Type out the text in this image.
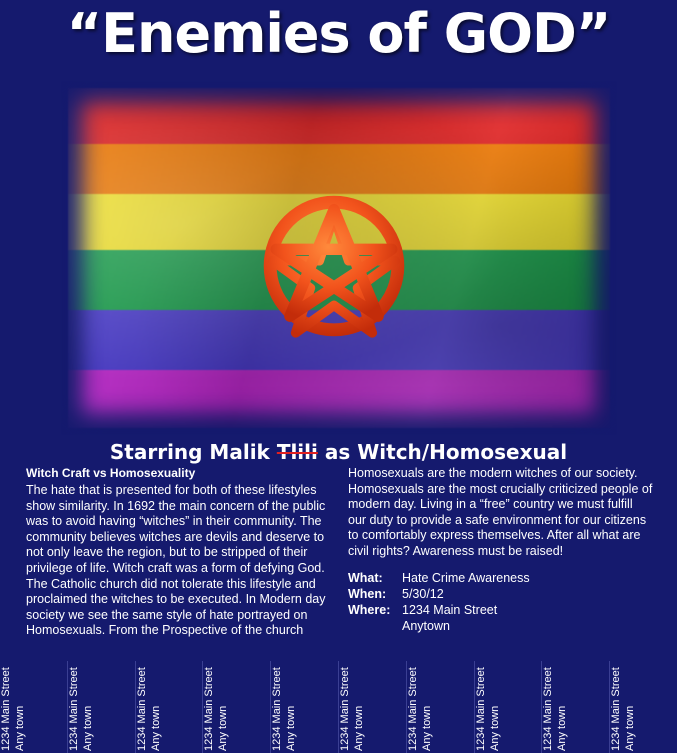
“Enemies of GOD”
Starring Malik Tlili as Witch/Homosexual
Witch Craft vs Homosexuality

The hate that is presented for both of these lifestyles show similarity. In 1692 the main concern of the public was to avoid having “witches” in their community. The community believes witches are devils and deserve to not only leave the region, but to be stripped of their privilege of life. Witch craft was a form of defying God. The Catholic church did not tolerate this lifestyle and proclaimed the witches to be executed. In Modern day society we see the same style of hate portrayed on Homosexuals. From the Prospective of the church

Homosexuals are the modern witches of our society. Homosexuals are the most crucially criticized people of modern day. Living in a “free” country we must fulfill our duty to provide a safe environment for our citizens to comfortably express themselves. After all what are civil rights? Awareness must be raised!

What:	Hate Crime Awareness
When:	5/30/12
Where: 1234 Main Street
Anytown
1234 Main Street Any town	1234 Main Street Any town	1234 Main Street Any town	1234 Main Street Any town	1234 Main Street Any town	1234 Main Street Any town	1234 Main Street Any town	1234 Main Street Any town	1234 Main Street Any town	1234 Main Street Any town
